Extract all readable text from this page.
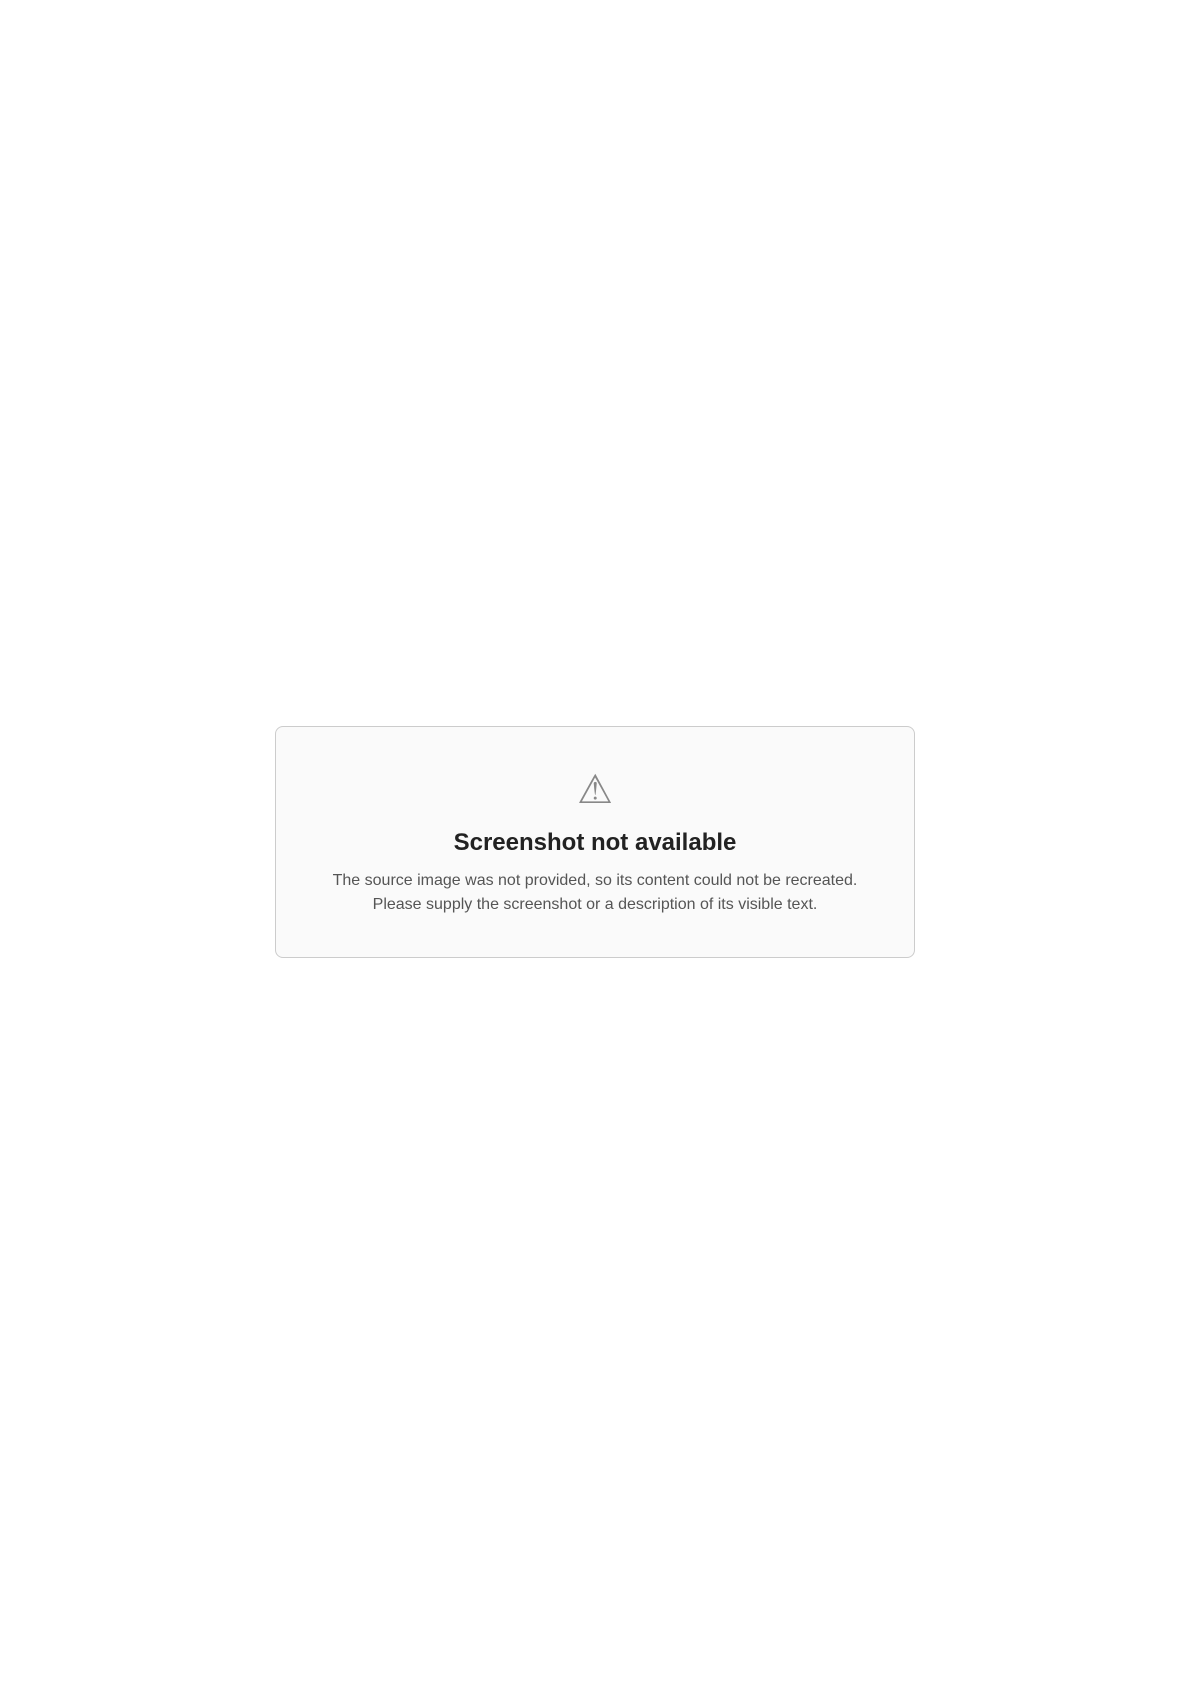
⚠
Screenshot not available
The source image was not provided, so its content could not be recreated. Please supply the screenshot or a description of its visible text.
